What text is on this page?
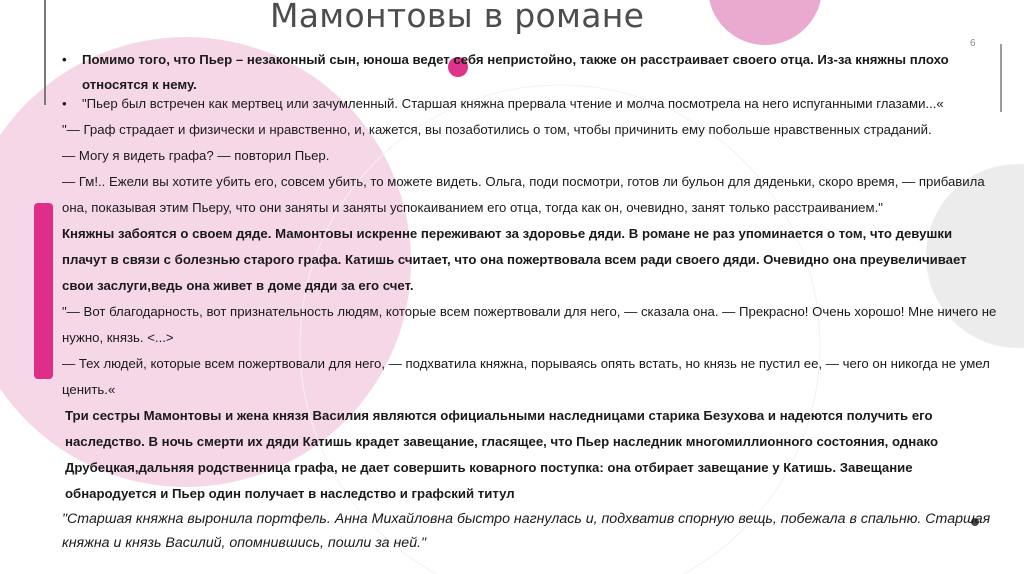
Мамонтовы в романе
6

• Помимо того, что Пьер – незаконный сын, юноша ведет себя непристойно, также он расстраивает своего отца. Из-за княжны плохо относятся к нему.

• "Пьер был встречен как мертвец или зачумленный. Старшая княжна прервала чтение и молча посмотрела на него испуганными глазами...«

"— Граф страдает и физически и нравственно, и, кажется, вы позаботились о том, чтобы причинить ему побольше нравственных страданий.

— Могу я видеть графа? — повторил Пьер.

— Гм!.. Ежели вы хотите убить его, совсем убить, то можете видеть. Ольга, поди посмотри, готов ли бульон для дяденьки, скоро время, — прибавила она, показывая этим Пьеру, что они заняты и заняты успокаиванием его отца, тогда как он, очевидно, занят только расстраиванием."

Княжны забоятся о своем дяде. Мамонтовы искренне переживают за здоровье дяди. В романе не раз упоминается о том, что девушки плачут в связи с болезнью старого графа. Катишь считает, что она пожертвовала всем ради своего дяди. Очевидно она преувеличивает свои заслуги,ведь она живет в доме дяди за его счет.

"— Вот благодарность, вот признательность людям, которые всем пожертвовали для него, — сказала она. — Прекрасно! Очень хорошо! Мне ничего не нужно, князь. <...>

— Тех людей, которые всем пожертвовали для него, — подхватила княжна, порываясь опять встать, но князь не пустил ее, — чего он никогда не умел ценить.«

Три сестры Мамонтовы и жена князя Василия являются официальными наследницами старика Безухова и надеются получить его наследство. В ночь смерти их дяди Катишь крадет завещание, гласящее, что Пьер наследник многомиллионного состояния, однако Друбецкая,дальняя родственница графа, не дает совершить коварного поступка: она отбирает завещание у Катишь. Завещание обнародуется и Пьер один получает в наследство и графский титул

"Старшая княжна выронила портфель. Анна Михайловна быстро нагнулась и, подхватив спорную вещь, побежала в спальню. Старшая княжна и князь Василий, опомнившись, пошли за ней."
